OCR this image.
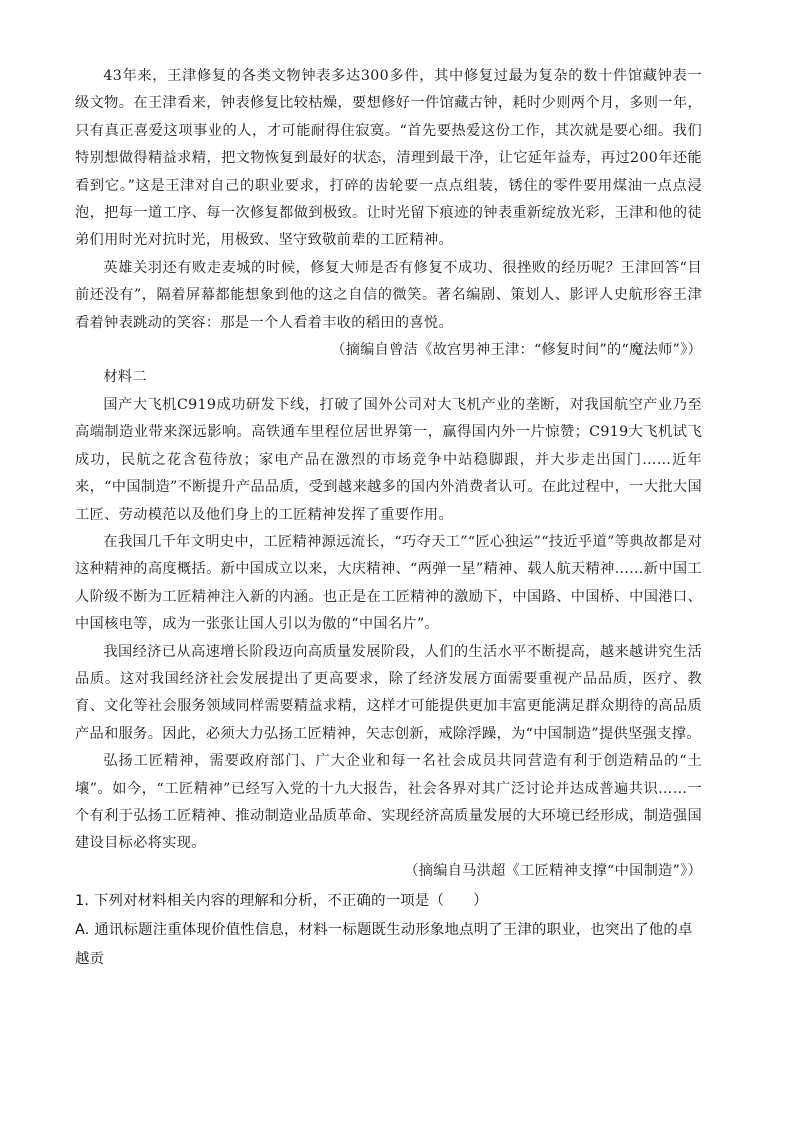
43年来，王津修复的各类文物钟表多达300多件，其中修复过最为复杂的数十件馆藏钟表一级文物。在王津看来，钟表修复比较枯燥，要想修好一件馆藏古钟，耗时少则两个月，多则一年，只有真正喜爱这项事业的人，才可能耐得住寂寞。“首先要热爱这份工作，其次就是要心细。我们特别想做得精益求精，把文物恢复到最好的状态，清理到最干净，让它延年益寿，再过200年还能看到它。”这是王津对自己的职业要求，打碎的齿轮要一点点组装，锈住的零件要用煤油一点点浸泡，把每一道工序、每一次修复都做到极致。让时光留下痕迹的钟表重新绽放光彩，王津和他的徒弟们用时光对抗时光，用极致、坚守致敬前辈的工匠精神。

英雄关羽还有败走麦城的时候，修复大师是否有修复不成功、很挫败的经历呢？王津回答“目前还没有”，隔着屏幕都能想象到他的这之自信的微笑。著名编剧、策划人、影评人史航形容王津看着钟表跳动的笑容：那是一个人看着丰收的稻田的喜悦。

（摘编自曾洁《故宫男神王津：“修复时间”的“魔法师”》）

材料二

国产大飞机C919成功研发下线，打破了国外公司对大飞机产业的垄断，对我国航空产业乃至高端制造业带来深远影响。高铁通车里程位居世界第一，赢得国内外一片惊赞；C919大飞机试飞成功，民航之花含苞待放；家电产品在激烈的市场竞争中站稳脚跟，并大步走出国门……近年来，“中国制造”不断提升产品品质，受到越来越多的国内外消费者认可。在此过程中，一大批大国工匠、劳动模范以及他们身上的工匠精神发挥了重要作用。

在我国几千年文明史中，工匠精神源远流长，“巧夺天工”“匠心独运”“技近乎道”等典故都是对这种精神的高度概括。新中国成立以来，大庆精神、“两弹一星”精神、载人航天精神……新中国工人阶级不断为工匠精神注入新的内涵。也正是在工匠精神的激励下，中国路、中国桥、中国港口、中国核电等，成为一张张让国人引以为傲的“中国名片”。

我国经济已从高速增长阶段迈向高质量发展阶段，人们的生活水平不断提高，越来越讲究生活品质。这对我国经济社会发展提出了更高要求，除了经济发展方面需要重视产品品质，医疗、教育、文化等社会服务领域同样需要精益求精，这样才可能提供更加丰富更能满足群众期待的高品质产品和服务。因此，必须大力弘扬工匠精神，矢志创新，戒除浮躁，为“中国制造”提供坚强支撑。

弘扬工匠精神，需要政府部门、广大企业和每一名社会成员共同营造有利于创造精品的“土壤”。如今，“工匠精神”已经写入党的十九大报告，社会各界对其广泛讨论并达成普遍共识……一个有利于弘扬工匠精神、推动制造业品质革命、实现经济高质量发展的大环境已经形成，制造强国建设目标必将实现。

（摘编自马洪超《工匠精神支撑“中国制造”》）

1. 下列对材料相关内容的理解和分析，不正确的一项是（　　）

A. 通讯标题注重体现价值性信息，材料一标题既生动形象地点明了王津的职业，也突出了他的卓越贡
